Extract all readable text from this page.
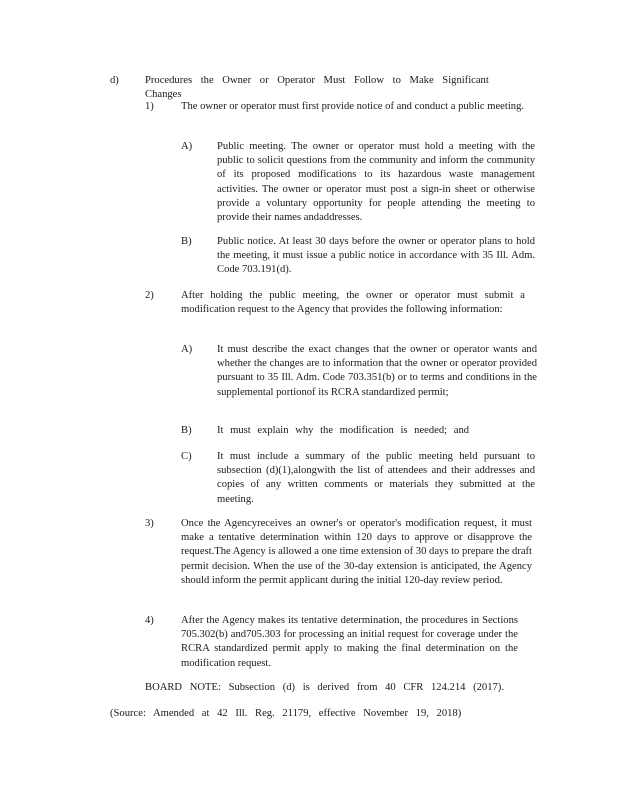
d) Procedures the Owner or Operator Must Follow to Make Significant Changes
1)	The owner or operator must first provide notice of and conduct a public meeting.
A) Public meeting. The owner or operator must hold a meeting with the public to solicit questions from the community and inform the community of its proposed modifications to its hazardous waste management activities. The owner or operator must post a sign-in sheet or otherwise provide a voluntary opportunity for people attending the meeting to provide their names andaddresses.
B) Public notice. At least 30 days before the owner or operator plans to hold the meeting, it must issue a public notice in accordance with 35 Ill. Adm. Code 703.191(d).
2)	After holding the public meeting, the owner or operator must submit a modification request to the Agency that provides the following information:
A) It must describe the exact changes that the owner or operator wants and whether the changes are to information that the owner or operator provided pursuant to 35 Ill. Adm. Code 703.351(b) or to terms and conditions in the supplemental portionof its RCRA standardized permit;
B) It must explain why the modification is needed; and
C) It must include a summary of the public meeting held pursuant to subsection (d)(1),alongwith the list of attendees and their addresses and copies of any written comments or materials they submitted at the meeting.
3)	Once the Agencyreceives an owner's or operator's modification request, it must make a tentative determination within 120 days to approve or disapprove the request.The Agency is allowed a one time extension of 30 days to prepare the draft permit decision. When the use of the 30-day extension is anticipated, the Agency should inform the permit applicant during the initial 120-day review period.
4)	After the Agency makes its tentative determination, the procedures in Sections 705.302(b) and705.303 for processing an initial request for coverage under the RCRA standardized permit apply to making the final determination on the modification request.
BOARD NOTE: Subsection (d) is derived from 40 CFR 124.214 (2017).
(Source: Amended at 42 Ill. Reg. 21179, effective November 19, 2018)
